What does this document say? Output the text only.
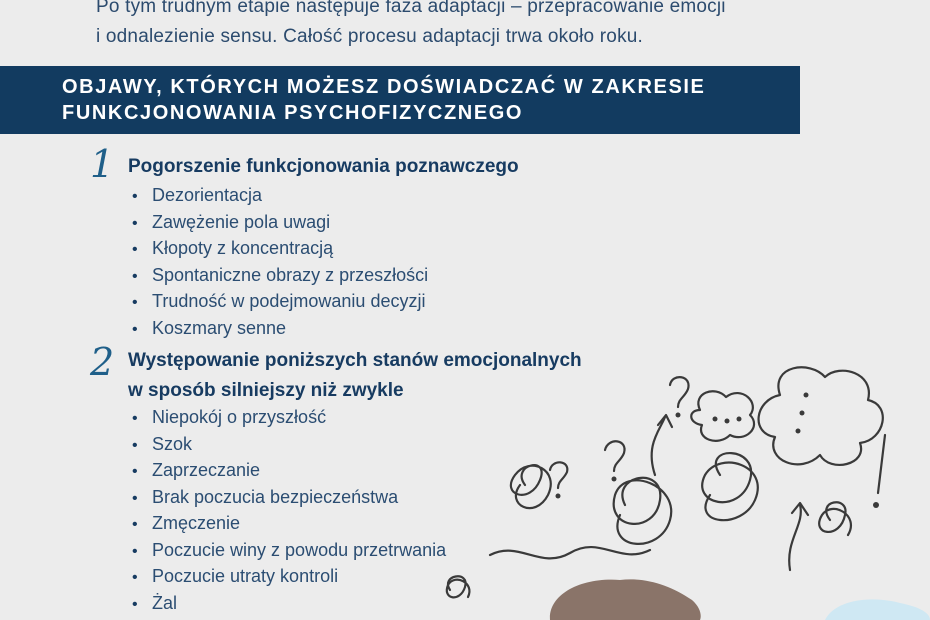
Po tym trudnym etapie następuje faza adaptacji – przepracowanie emocji

i odnalezienie sensu. Całość procesu adaptacji trwa około roku.

OBJAWY, KTÓRYCH MOŻESZ DOŚWIADCZAĆ W ZAKRESIE
FUNKCJONOWANIA PSYCHOFIZYCZNEGO
1 Pogorszenie funkcjonowania poznawczego
• Dezorientacja
• Zawężenie pola uwagi
• Kłopoty z koncentracją
• Spontaniczne obrazy z przeszłości
• Trudność w podejmowaniu decyzji
• Koszmary senne
2 Występowanie poniższych stanów emocjonalnych
w sposób silniejszy niż zwykle
• Niepokój o przyszłość
• Szok
• Zaprzeczanie
• Brak poczucia bezpieczeństwa
• Zmęczenie
• Poczucie winy z powodu przetrwania
• Poczucie utraty kontroli
• Żal
